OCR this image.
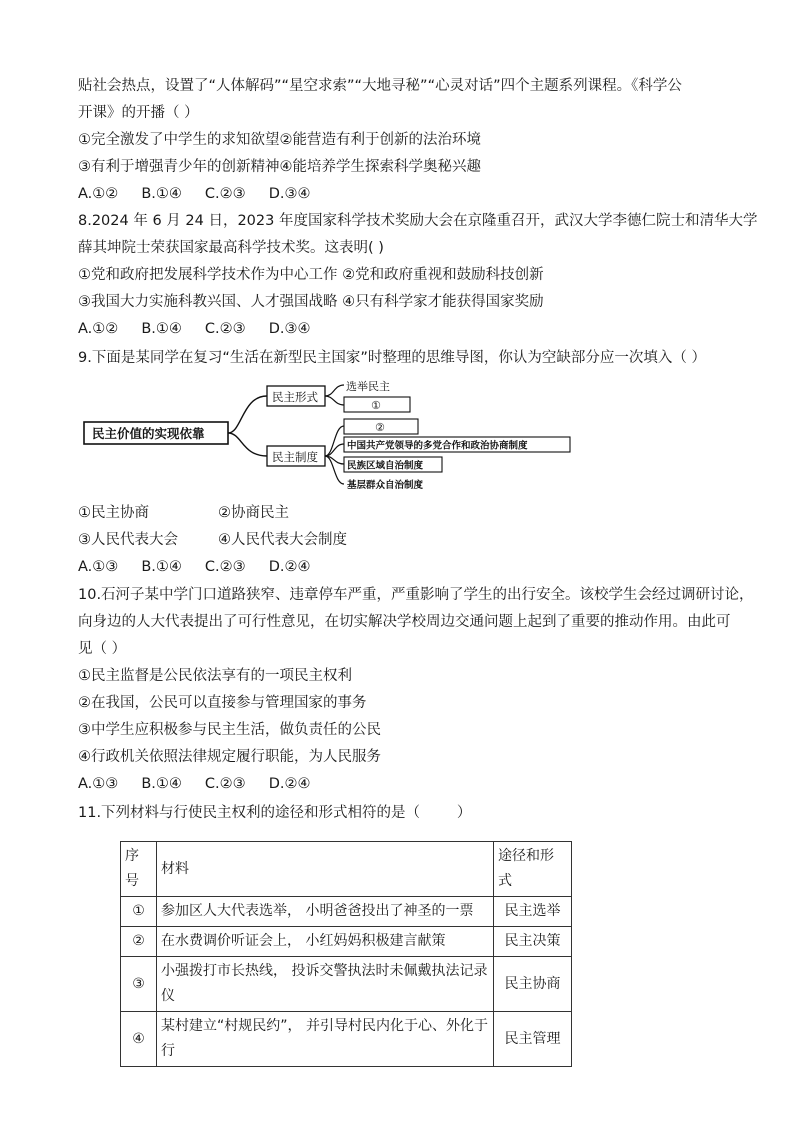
贴社会热点，设置了“人体解码”“星空求索”“大地寻秘”“心灵对话”四个主题系列课程。《科学公
开课》的开播（ ）
①完全激发了中学生的求知欲望②能营造有利于创新的法治环境
③有利于增强青少年的创新精神④能培养学生探索科学奥秘兴趣
A.①②     B.①④     C.②③     D.③④
8.2024 年 6 月 24 日，2023 年度国家科学技术奖励大会在京隆重召开，武汉大学李德仁院士和清华大学
薛其坤院士荣获国家最高科学技术奖。这表明( )
①党和政府把发展科学技术作为中心工作 ②党和政府重视和鼓励科技创新
③我国大力实施科教兴国、人才强国战略 ④只有科学家才能获得国家奖励
A.①②     B.①④     C.②③     D.③④
9.下面是某同学在复习“生活在新型民主国家”时整理的思维导图，你认为空缺部分应一次填入（ ）
民主价值的实现依靠
民主形式
选举民主
①
民主制度
②
中国共产党领导的多党合作和政治协商制度
民族区域自治制度
基层群众自治制度
①民主协商	②协商民主
③人民代表大会	④人民代表大会制度
A.①③     B.①④     C.②③     D.②④
10.石河子某中学门口道路狭窄、违章停车严重，严重影响了学生的出行安全。该校学生会经过调研讨论，
向身边的人大代表提出了可行性意见，在切实解决学校周边交通问题上起到了重要的推动作用。由此可
见（ ）
①民主监督是公民依法享有的一项民主权利
②在我国，公民可以直接参与管理国家的事务
③中学生应积极参与民主生活，做负责任的公民
④行政机关依照法律规定履行职能，为人民服务
A.①③     B.①④     C.②③     D.②④
11.下列材料与行使民主权利的途径和形式相符的是（        ）
序号	材料	途径和形式
①	参加区人大代表选举， 小明爸爸投出了神圣的一票	民主选举
②	在水费调价听证会上， 小红妈妈积极建言献策	民主决策
③	小强拨打市长热线， 投诉交警执法时未佩戴执法记录仪	民主协商
④	某村建立“村规民约”， 并引导村民内化于心、外化于行	民主管理
